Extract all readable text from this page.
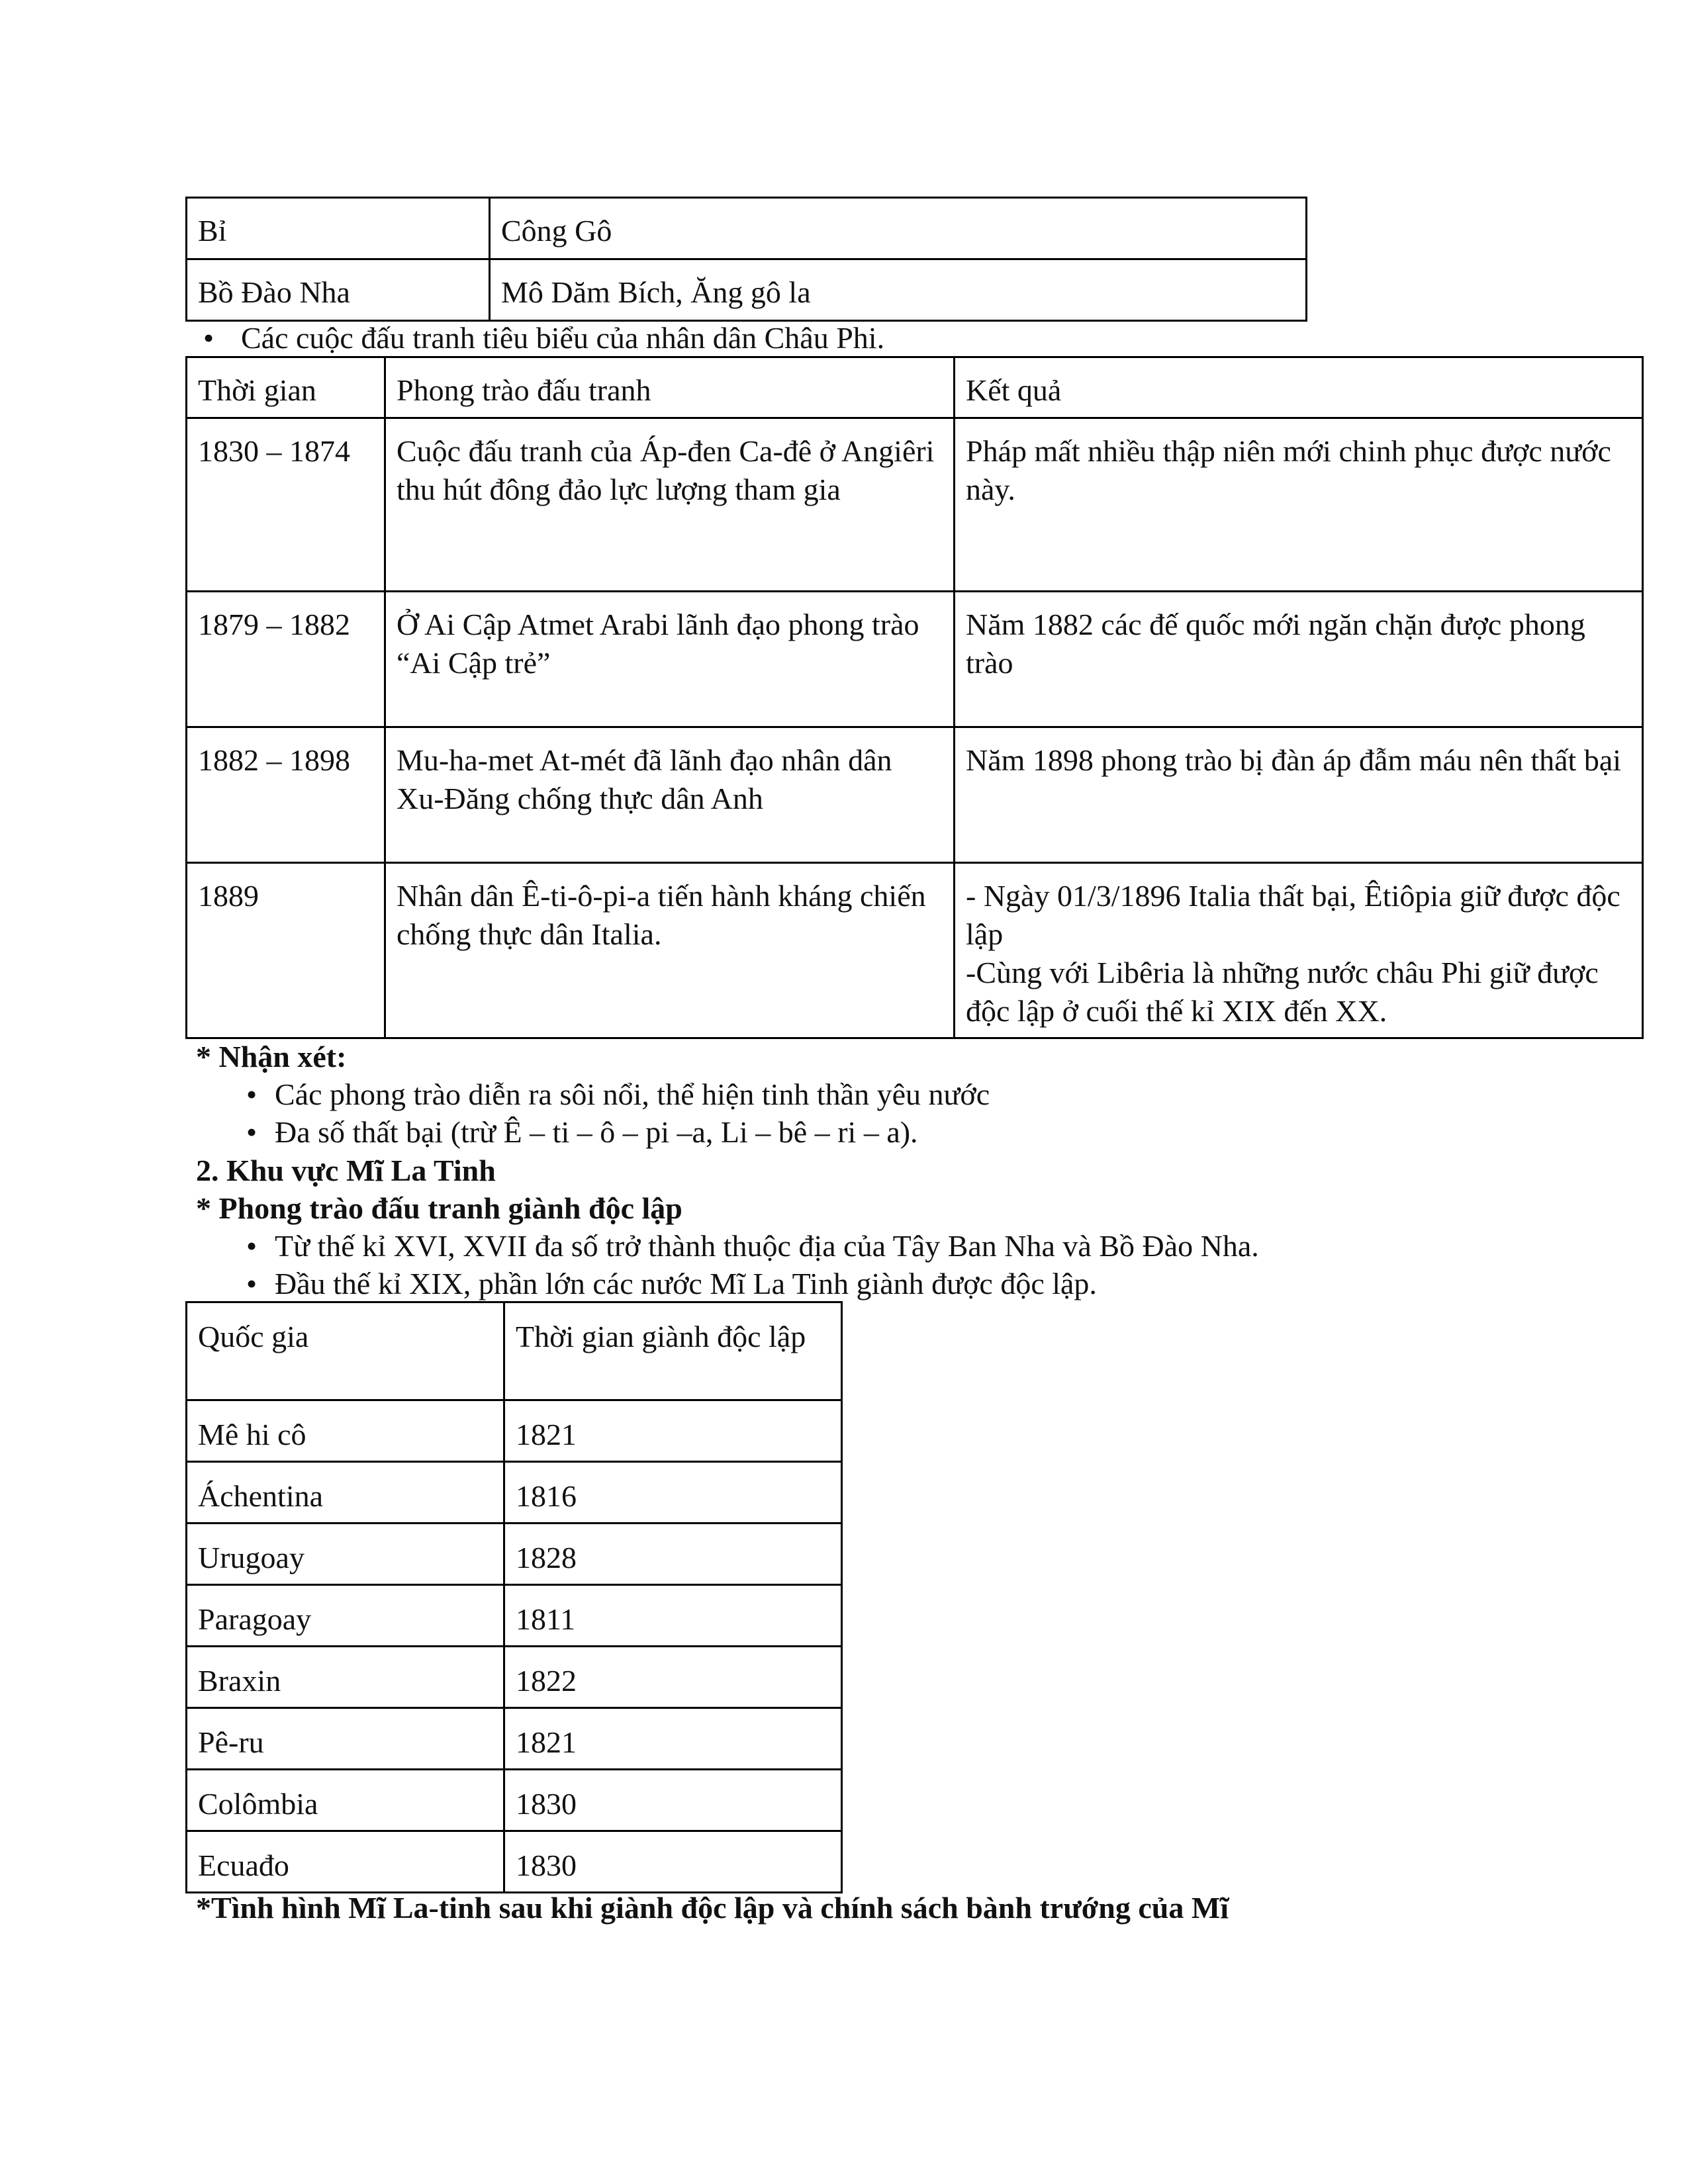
Bỉ	Công Gô
Bồ Đào Nha	Mô Dăm Bích, Ăng gô la
• Các cuộc đấu tranh tiêu biểu của nhân dân Châu Phi.
Thời gian	Phong trào đấu tranh	Kết quả
1830 – 1874	Cuộc đấu tranh của Áp-đen Ca-đê ở Angiêri thu hút đông đảo lực lượng tham gia	Pháp mất nhiều thập niên mới chinh phục được nước này.
1879 – 1882	Ở Ai Cập Atmet Arabi lãnh đạo phong trào “Ai Cập trẻ”	Năm 1882 các đế quốc mới ngăn chặn được phong trào
1882 – 1898	Mu-ha-met At-mét đã lãnh đạo nhân dân Xu-Đăng chống thực dân Anh	Năm 1898 phong trào bị đàn áp đẫm máu nên thất bại
1889	Nhân dân Ê-ti-ô-pi-a tiến hành kháng chiến chống thực dân Italia.	- Ngày 01/3/1896 Italia thất bại, Êtiôpia giữ được độc lập
-Cùng với Libêria là những nước châu Phi giữ được độc lập ở cuối thế kỉ XIX đến XX.
* Nhận xét:
• Các phong trào diễn ra sôi nổi, thể hiện tinh thần yêu nước
• Đa số thất bại (trừ Ê – ti – ô – pi –a, Li – bê – ri – a).
2. Khu vực Mĩ La Tinh
* Phong trào đấu tranh giành độc lập
• Từ thế kỉ XVI, XVII đa số trở thành thuộc địa của Tây Ban Nha và Bồ Đào Nha.
• Đầu thế kỉ XIX, phần lớn các nước Mĩ La Tinh giành được độc lập.
Quốc gia	Thời gian giành độc lập
Mê hi cô	1821
Áchentina	1816
Urugoay	1828
Paragoay	1811
Braxin	1822
Pê-ru	1821
Colômbia	1830
Ecuađo	1830
*Tình hình Mĩ La-tinh sau khi giành độc lập và chính sách bành trướng của Mĩ
